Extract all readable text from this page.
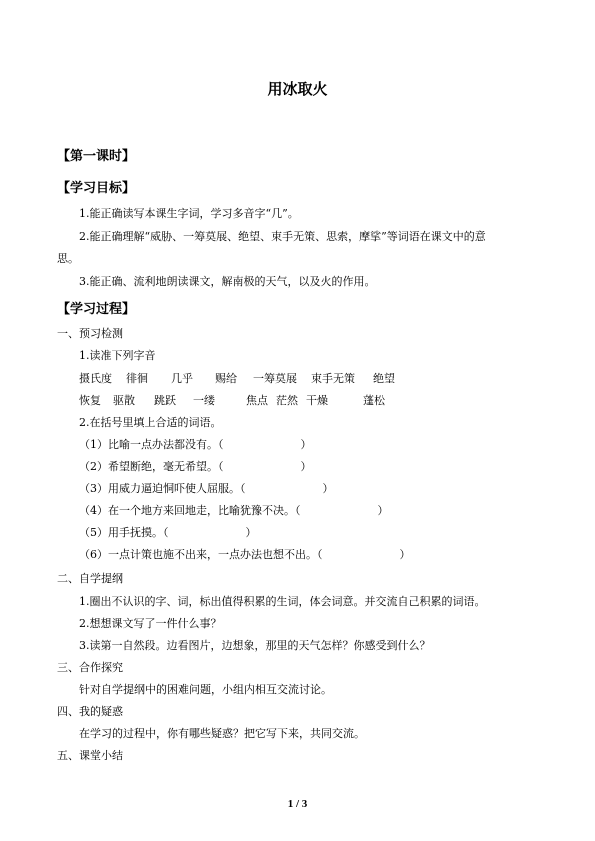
用冰取火
【第一课时】
【学习目标】
1.能正确读写本课生字词，学习多音字“几”。
2.能正确理解“威胁、一筹莫展、绝望、束手无策、思索，摩挲”等词语在课文中的意
思。
3.能正确、流利地朗读课文，解南极的天气，以及火的作用。
【学习过程】
一、预习检测
1.读准下列字音
摄氏度 徘徊 几乎 赐给 一筹莫展 束手无策 绝望
恢复 驱散 跳跃 一缕	焦点 茫然 干燥	蓬松
2.在括号里填上合适的词语。
（1）比喻一点办法都没有。（　　　　　　　）
（2）希望断绝，毫无希望。（　　　　　　　）
（3）用威力逼迫恫吓使人屈服。（　　　　　　　）
（4）在一个地方来回地走，比喻犹豫不决。（　　　　　　　）
（5）用手抚摸。（　　　　　　　）
（6）一点计策也施不出来，一点办法也想不出。（　　　　　　　）
二、自学提纲
1.圈出不认识的字、词，标出值得积累的生词，体会词意。并交流自己积累的词语。
2.想想课文写了一件什么事？
3.读第一自然段。边看图片，边想象，那里的天气怎样？你感受到什么？
三、合作探究
针对自学提纲中的困难问题，小组内相互交流讨论。
四、我的疑惑
在学习的过程中，你有哪些疑惑？把它写下来，共同交流。
五、课堂小结
1 / 3
